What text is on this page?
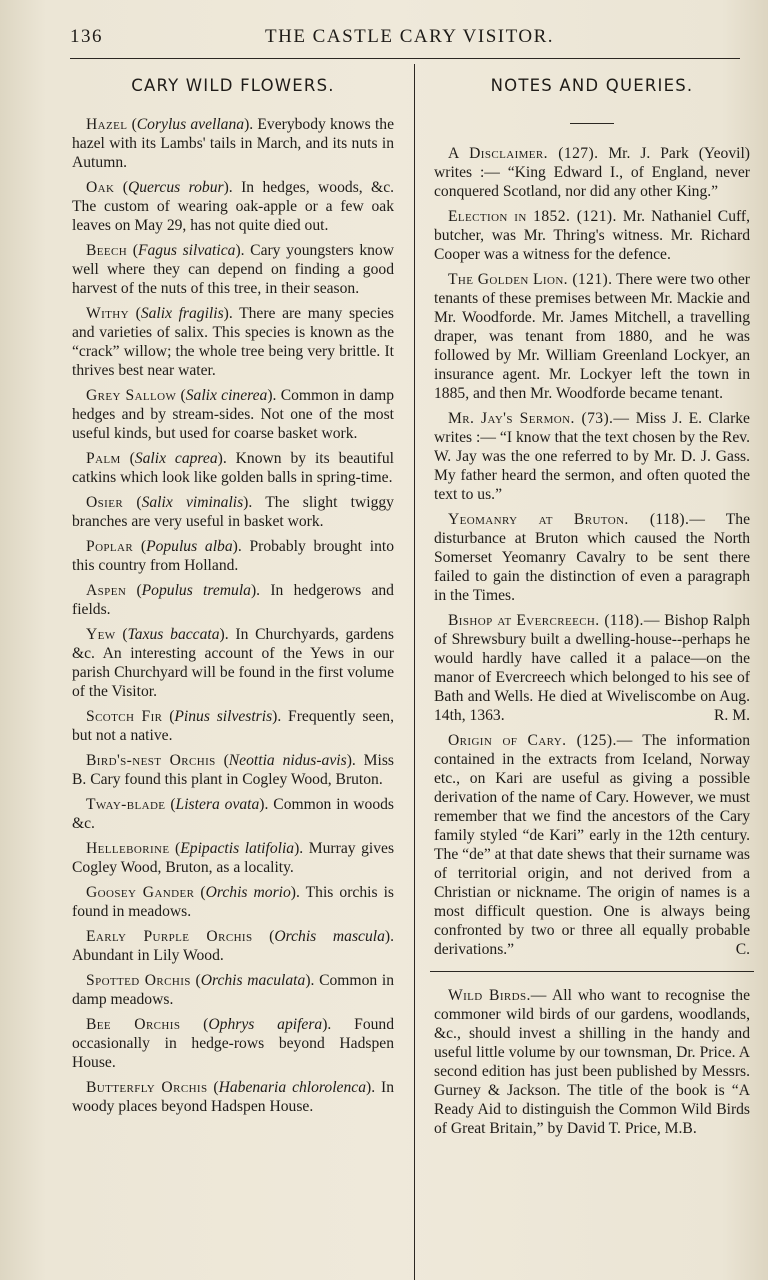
136	THE CASTLE CARY VISITOR.
CARY WILD FLOWERS.

Hazel (Corylus avellana). Everybody knows the hazel with its Lambs' tails in March, and its nuts in Autumn.

Oak (Quercus robur). In hedges, woods, &c. The custom of wearing oak-apple or a few oak leaves on May 29, has not quite died out.

Beech (Fagus silvatica). Cary youngsters know well where they can depend on finding a good harvest of the nuts of this tree, in their season.

Withy (Salix fragilis). There are many species and varieties of salix. This species is known as the “crack” willow; the whole tree being very brittle. It thrives best near water.

Grey Sallow (Salix cinerea). Common in damp hedges and by stream-sides. Not one of the most useful kinds, but used for coarse basket work.

Palm (Salix caprea). Known by its beautiful catkins which look like golden balls in spring-time.

Osier (Salix viminalis). The slight twiggy branches are very useful in basket work.

Poplar (Populus alba). Probably brought into this country from Holland.

Aspen (Populus tremula). In hedgerows and fields.

Yew (Taxus baccata). In Churchyards, gardens &c. An interesting account of the Yews in our parish Churchyard will be found in the first volume of the Visitor.

Scotch Fir (Pinus silvestris). Frequently seen, but not a native.

Bird's-nest Orchis (Neottia nidus-avis). Miss B. Cary found this plant in Cogley Wood, Bruton.

Tway-blade (Listera ovata). Common in woods &c.

Helleborine (Epipactis latifolia). Murray gives Cogley Wood, Bruton, as a locality.

Goosey Gander (Orchis morio). This orchis is found in meadows.

Early Purple Orchis (Orchis mascula). Abundant in Lily Wood.

Spotted Orchis (Orchis maculata). Common in damp meadows.

Bee Orchis (Ophrys apifera). Found occasionally in hedge-rows beyond Hadspen House.

Butterfly Orchis (Habenaria chlorolenca). In woody places beyond Hadspen House.

NOTES AND QUERIES.

A Disclaimer. (127). Mr. J. Park (Yeovil) writes :— “King Edward I., of England, never conquered Scotland, nor did any other King.”

Election in 1852. (121). Mr. Nathaniel Cuff, butcher, was Mr. Thring's witness. Mr. Richard Cooper was a witness for the defence.

The Golden Lion. (121). There were two other tenants of these premises between Mr. Mackie and Mr. Woodforde. Mr. James Mitchell, a travelling draper, was tenant from 1880, and he was followed by Mr. William Greenland Lockyer, an insurance agent. Mr. Lockyer left the town in 1885, and then Mr. Woodforde became tenant.

Mr. Jay's Sermon. (73).— Miss J. E. Clarke writes :— “I know that the text chosen by the Rev. W. Jay was the one referred to by Mr. D. J. Gass. My father heard the sermon, and often quoted the text to us.”

Yeomanry at Bruton. (118).— The disturbance at Bruton which caused the North Somerset Yeomanry Cavalry to be sent there failed to gain the distinction of even a paragraph in the Times.

Bishop at Evercreech. (118).— Bishop Ralph of Shrewsbury built a dwelling-house--perhaps he would hardly have called it a palace—on the manor of Evercreech which belonged to his see of Bath and Wells. He died at Wiveliscombe on Aug. 14th, 1363.	R. M.

Origin of Cary. (125).— The information contained in the extracts from Iceland, Norway etc., on Kari are useful as giving a possible derivation of the name of Cary. However, we must remember that we find the ancestors of the Cary family styled “de Kari” early in the 12th century. The “de” at that date shews that their surname was of territorial origin, and not derived from a Christian or nickname. The origin of names is a most difficult question. One is always being confronted by two or three all equally probable derivations.”	C.

Wild Birds.— All who want to recognise the commoner wild birds of our gardens, woodlands, &c., should invest a shilling in the handy and useful little volume by our townsman, Dr. Price. A second edition has just been published by Messrs. Gurney & Jackson. The title of the book is “A Ready Aid to distinguish the Common Wild Birds of Great Britain,” by David T. Price, M.B.
